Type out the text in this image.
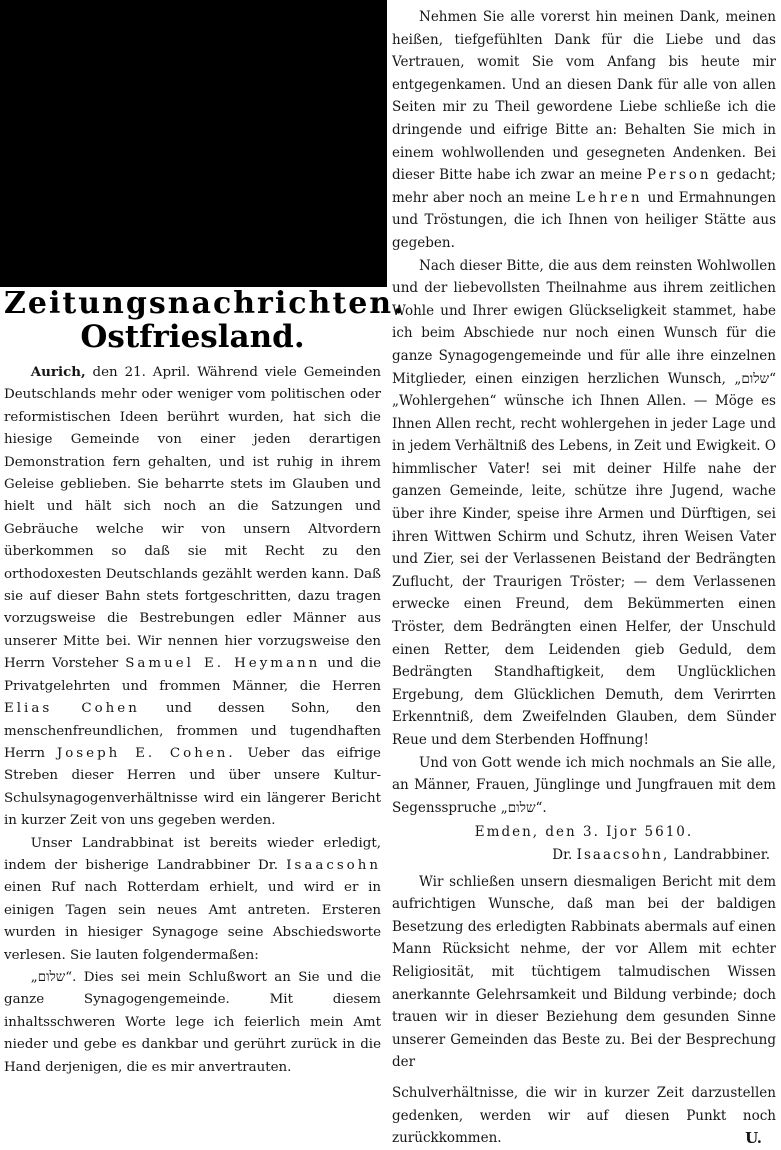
Zeitungsnachrichten.
Ostfriesland.

Aurich, den 21. April. Während viele Gemeinden Deutschlands mehr oder weniger vom politischen oder reformistischen Ideen berührt wurden, hat sich die hiesige Gemeinde von einer jeden derartigen Demonstration fern gehalten, und ist ruhig in ihrem Geleise geblieben. Sie beharrte stets im Glauben und hielt und hält sich noch an die Satzungen und Gebräuche welche wir von unsern Altvordern überkommen so daß sie mit Recht zu den orthodoxesten Deutschlands gezählt werden kann. Daß sie auf dieser Bahn stets fortgeschritten, dazu tragen vorzugsweise die Bestrebungen edler Männer aus unserer Mitte bei. Wir nennen hier vorzugsweise den Herrn Vorsteher Samuel E. Heymann und die Privatgelehrten und frommen Männer, die Herren Elias Cohen und dessen Sohn, den menschenfreundlichen, frommen und tugendhaften Herrn Joseph E. Cohen. Ueber das eifrige Streben dieser Herren und über unsere Kultur-Schulsynagogenverhältnisse wird ein längerer Bericht in kurzer Zeit von uns gegeben werden.

Unser Landrabbinat ist bereits wieder erledigt, indem der bisherige Landrabbiner Dr. Isaacsohn einen Ruf nach Rotterdam erhielt, und wird er in einigen Tagen sein neues Amt antreten. Ersteren wurden in hiesiger Synagoge seine Abschiedsworte verlesen. Sie lauten folgendermaßen:

„שלום“. Dies sei mein Schlußwort an Sie und die ganze Synagogengemeinde. Mit diesem inhaltsschweren Worte lege ich feierlich mein Amt nieder und gebe es dankbar und gerührt zurück in die Hand derjenigen, die es mir anvertrauten.

Nehmen Sie alle vorerst hin meinen Dank, meinen heißen, tiefgefühlten Dank für die Liebe und das Vertrauen, womit Sie vom Anfang bis heute mir entgegenkamen. Und an diesen Dank für alle von allen Seiten mir zu Theil gewordene Liebe schließe ich die dringende und eifrige Bitte an: Behalten Sie mich in einem wohlwollenden und gesegneten Andenken. Bei dieser Bitte habe ich zwar an meine Person gedacht; mehr aber noch an meine Lehren und Ermahnungen und Tröstungen, die ich Ihnen von heiliger Stätte aus gegeben.

Nach dieser Bitte, die aus dem reinsten Wohlwollen und der liebevollsten Theilnahme aus ihrem zeitlichen Wohle und Ihrer ewigen Glückseligkeit stammet, habe ich beim Abschiede nur noch einen Wunsch für die ganze Synagogengemeinde und für alle ihre einzelnen Mitglieder, einen einzigen herzlichen Wunsch, „שלום“ „Wohlergehen“ wünsche ich Ihnen Allen. — Möge es Ihnen Allen recht, recht wohlergehen in jeder Lage und in jedem Verhältniß des Lebens, in Zeit und Ewigkeit. O himmlischer Vater! sei mit deiner Hilfe nahe der ganzen Gemeinde, leite, schütze ihre Jugend, wache über ihre Kinder, speise ihre Armen und Dürftigen, sei ihren Wittwen Schirm und Schutz, ihren Weisen Vater und Zier, sei der Verlassenen Beistand der Bedrängten Zuflucht, der Traurigen Tröster; — dem Verlassenen erwecke einen Freund, dem Bekümmerten einen Tröster, dem Bedrängten einen Helfer, der Unschuld einen Retter, dem Leidenden gieb Geduld, dem Bedrängten Standhaftigkeit, dem Unglücklichen Ergebung, dem Glücklichen Demuth, dem Verirrten Erkenntniß, dem Zweifelnden Glauben, dem Sünder Reue und dem Sterbenden Hoffnung!

Und von Gott wende ich mich nochmals an Sie alle, an Männer, Frauen, Jünglinge und Jungfrauen mit dem Segensspruche „שלום“.

Emden, den 3. Ijor 5610.
Dr. Isaacsohn, Landrabbiner.

Wir schließen unsern diesmaligen Bericht mit dem aufrichtigen Wunsche, daß man bei der baldigen Besetzung des erledigten Rabbinats abermals auf einen Mann Rücksicht nehme, der vor Allem mit echter Religiosität, mit tüchtigem talmudischen Wissen anerkannte Gelehrsamkeit und Bildung verbinde; doch trauen wir in dieser Beziehung dem gesunden Sinne unserer Gemeinden das Beste zu. Bei der Besprechung der

Schulverhältnisse, die wir in kurzer Zeit darzustellen gedenken, werden wir auf diesen Punkt noch zurückkommen.	U.
